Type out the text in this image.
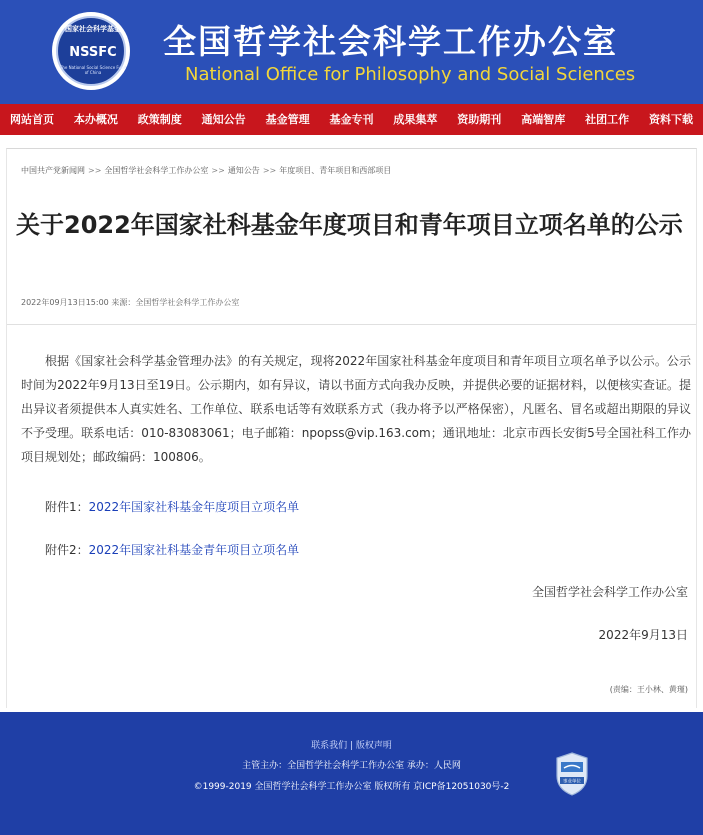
国家社会科学基金
NSSFC
The National Social Science Fund of China
全国哲学社会科学工作办公室
National Office for Philosophy and Social Sciences
网站首页	本办概况	政策制度	通知公告	基金管理	基金专刊	成果集萃	资助期刊	高端智库	社团工作	资料下载
中国共产党新闻网 >> 全国哲学社会科学工作办公室 >> 通知公告 >> 年度项目、青年项目和西部项目
关于2022年国家社科基金年度项目和青年项目立项名单的公示
2022年09月13日15:00 来源：全国哲学社会科学工作办公室

根据《国家社会科学基金管理办法》的有关规定，现将2022年国家社科基金年度项目和青年项目立项名单予以公示。公示时间为2022年9月13日至19日。公示期内，如有异议，请以书面方式向我办反映，并提供必要的证据材料，以便核实查证。提出异议者须提供本人真实姓名、工作单位、联系电话等有效联系方式（我办将予以严格保密），凡匿名、冒名或超出期限的异议不予受理。联系电话：010-83083061；电子邮箱：npopss@vip.163.com；通讯地址：北京市西长安街5号全国社科工作办项目规划处；邮政编码：100806。

附件1：2022年国家社科基金年度项目立项名单
附件2：2022年国家社科基金青年项目立项名单
全国哲学社会科学工作办公室
2022年9月13日
(责编：王小林、黄瑾)
联系我们 | 版权声明
主管主办：全国哲学社会科学工作办公室 承办：人民网
©1999-2019 全国哲学社会科学工作办公室 版权所有 京ICP备12051030号-2	事业单位
